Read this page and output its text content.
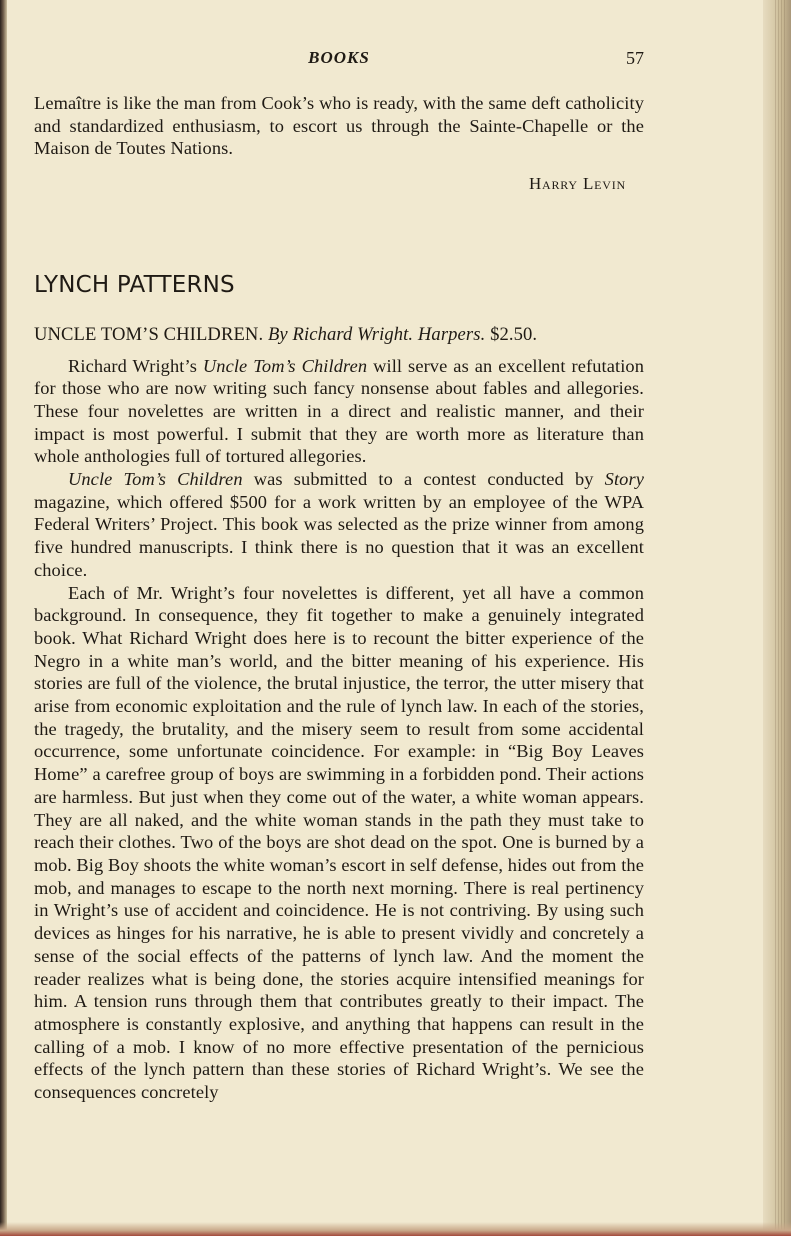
BOOKS	57

Lemaître is like the man from Cook’s who is ready, with the same deft catholicity and standardized enthusiasm, to escort us through the Sainte-Chapelle or the Maison de Toutes Nations.

Harry Levin

LYNCH PATTERNS

UNCLE TOM’S CHILDREN. By Richard Wright. Harpers. $2.50.

Richard Wright’s Uncle Tom’s Children will serve as an excellent refutation for those who are now writing such fancy nonsense about fables and allegories. These four novelettes are written in a direct and realistic manner, and their impact is most powerful. I submit that they are worth more as literature than whole anthologies full of tortured allegories.

Uncle Tom’s Children was submitted to a contest conducted by Story magazine, which offered $500 for a work written by an employee of the WPA Federal Writers’ Project. This book was selected as the prize winner from among five hundred manuscripts. I think there is no question that it was an excellent choice.

Each of Mr. Wright’s four novelettes is different, yet all have a common background. In consequence, they fit together to make a genuinely integrated book. What Richard Wright does here is to recount the bitter experience of the Negro in a white man’s world, and the bitter meaning of his experience. His stories are full of the violence, the brutal injustice, the terror, the utter misery that arise from economic exploitation and the rule of lynch law. In each of the stories, the tragedy, the brutality, and the misery seem to result from some accidental occurrence, some unfortunate coincidence. For example: in “Big Boy Leaves Home” a carefree group of boys are swimming in a forbidden pond. Their actions are harmless. But just when they come out of the water, a white woman appears. They are all naked, and the white woman stands in the path they must take to reach their clothes. Two of the boys are shot dead on the spot. One is burned by a mob. Big Boy shoots the white woman’s escort in self defense, hides out from the mob, and manages to escape to the north next morning. There is real pertinency in Wright’s use of accident and coincidence. He is not contriving. By using such devices as hinges for his narrative, he is able to present vividly and concretely a sense of the social effects of the patterns of lynch law. And the moment the reader realizes what is being done, the stories acquire intensified meanings for him. A tension runs through them that contributes greatly to their impact. The atmosphere is constantly explosive, and anything that happens can result in the calling of a mob. I know of no more effective presentation of the pernicious effects of the lynch pattern than these stories of Richard Wright’s. We see the consequences concretely
